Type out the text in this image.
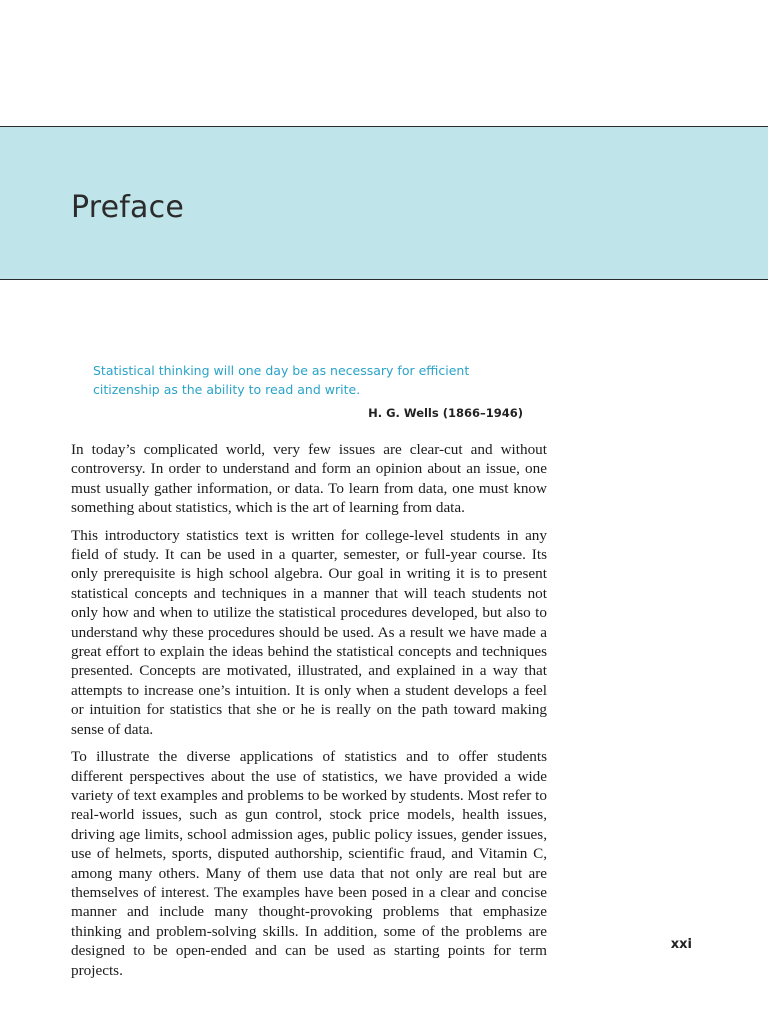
Preface

Statistical thinking will one day be as necessary for efficient citizenship as the ability to read and write.

H. G. Wells (1866–1946)

In today’s complicated world, very few issues are clear-cut and without controversy. In order to understand and form an opinion about an issue, one must usually gather information, or data. To learn from data, one must know something about statistics, which is the art of learning from data.

This introductory statistics text is written for college-level students in any field of study. It can be used in a quarter, semester, or full-year course. Its only prerequisite is high school algebra. Our goal in writing it is to present statistical concepts and techniques in a manner that will teach students not only how and when to utilize the statistical procedures developed, but also to understand why these procedures should be used. As a result we have made a great effort to explain the ideas behind the statistical concepts and techniques presented. Concepts are motivated, illustrated, and explained in a way that attempts to increase one’s intuition. It is only when a student develops a feel or intuition for statistics that she or he is really on the path toward making sense of data.

To illustrate the diverse applications of statistics and to offer students different perspectives about the use of statistics, we have provided a wide variety of text examples and problems to be worked by students. Most refer to real-world issues, such as gun control, stock price models, health issues, driving age limits, school admission ages, public policy issues, gender issues, use of helmets, sports, disputed authorship, scientific fraud, and Vitamin C, among many others. Many of them use data that not only are real but are themselves of interest. The examples have been posed in a clear and concise manner and include many thought-provoking problems that emphasize thinking and problem-solving skills. In addition, some of the problems are designed to be open-ended and can be used as starting points for term projects.

xxi
